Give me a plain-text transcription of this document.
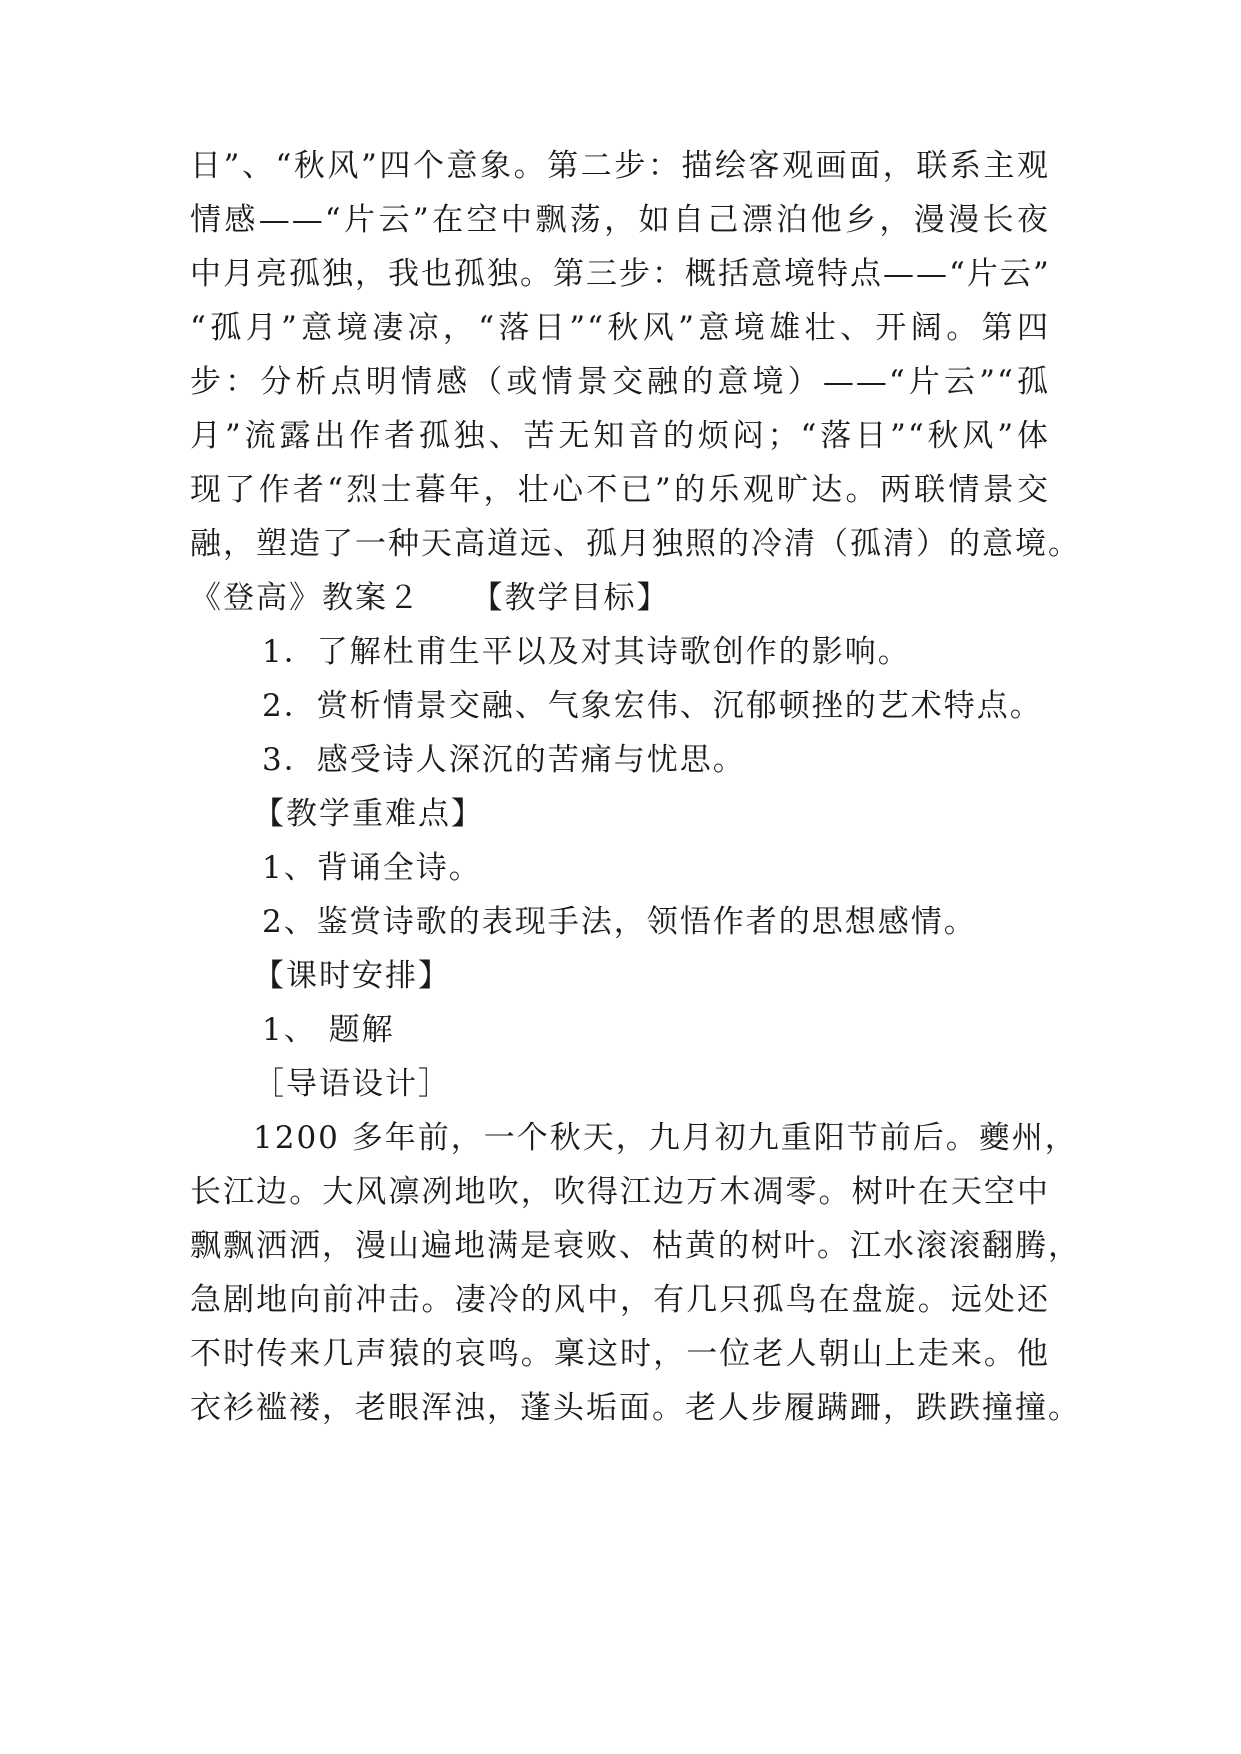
日”、“秋风”四个意象。第二步：描绘客观画面，联系主观
情感——“片云”在空中飘荡，如自己漂泊他乡，漫漫长夜
中月亮孤独，我也孤独。第三步：概括意境特点——“片云”
“孤月”意境凄凉，“落日”“秋风”意境雄壮、开阔。第四
步：分析点明情感（或情景交融的意境）——“片云”“孤
月”流露出作者孤独、苦无知音的烦闷；“落日”“秋风”体
现了作者“烈士暮年，壮心不已”的乐观旷达。两联情景交
融，塑造了一种天高道远、孤月独照的冷清（孤清）的意境。
《登高》教案２　　【教学目标】
1．了解杜甫生平以及对其诗歌创作的影响。
2．赏析情景交融、气象宏伟、沉郁顿挫的艺术特点。
3．感受诗人深沉的苦痛与忧思。
【教学重难点】
1、背诵全诗。
2、鉴赏诗歌的表现手法，领悟作者的思想感情。
【课时安排】
1、 题解
［导语设计］
1200 多年前，一个秋天，九月初九重阳节前后。夔州，
长江边。大风凛冽地吹，吹得江边万木凋零。树叶在天空中
飘飘洒洒，漫山遍地满是衰败、枯黄的树叶。江水滚滚翻腾，
急剧地向前冲击。凄冷的风中，有几只孤鸟在盘旋。远处还
不时传来几声猿的哀鸣。稟这时，一位老人朝山上走来。他
衣衫褴褛，老眼浑浊，蓬头垢面。老人步履蹒跚，跌跌撞撞。
